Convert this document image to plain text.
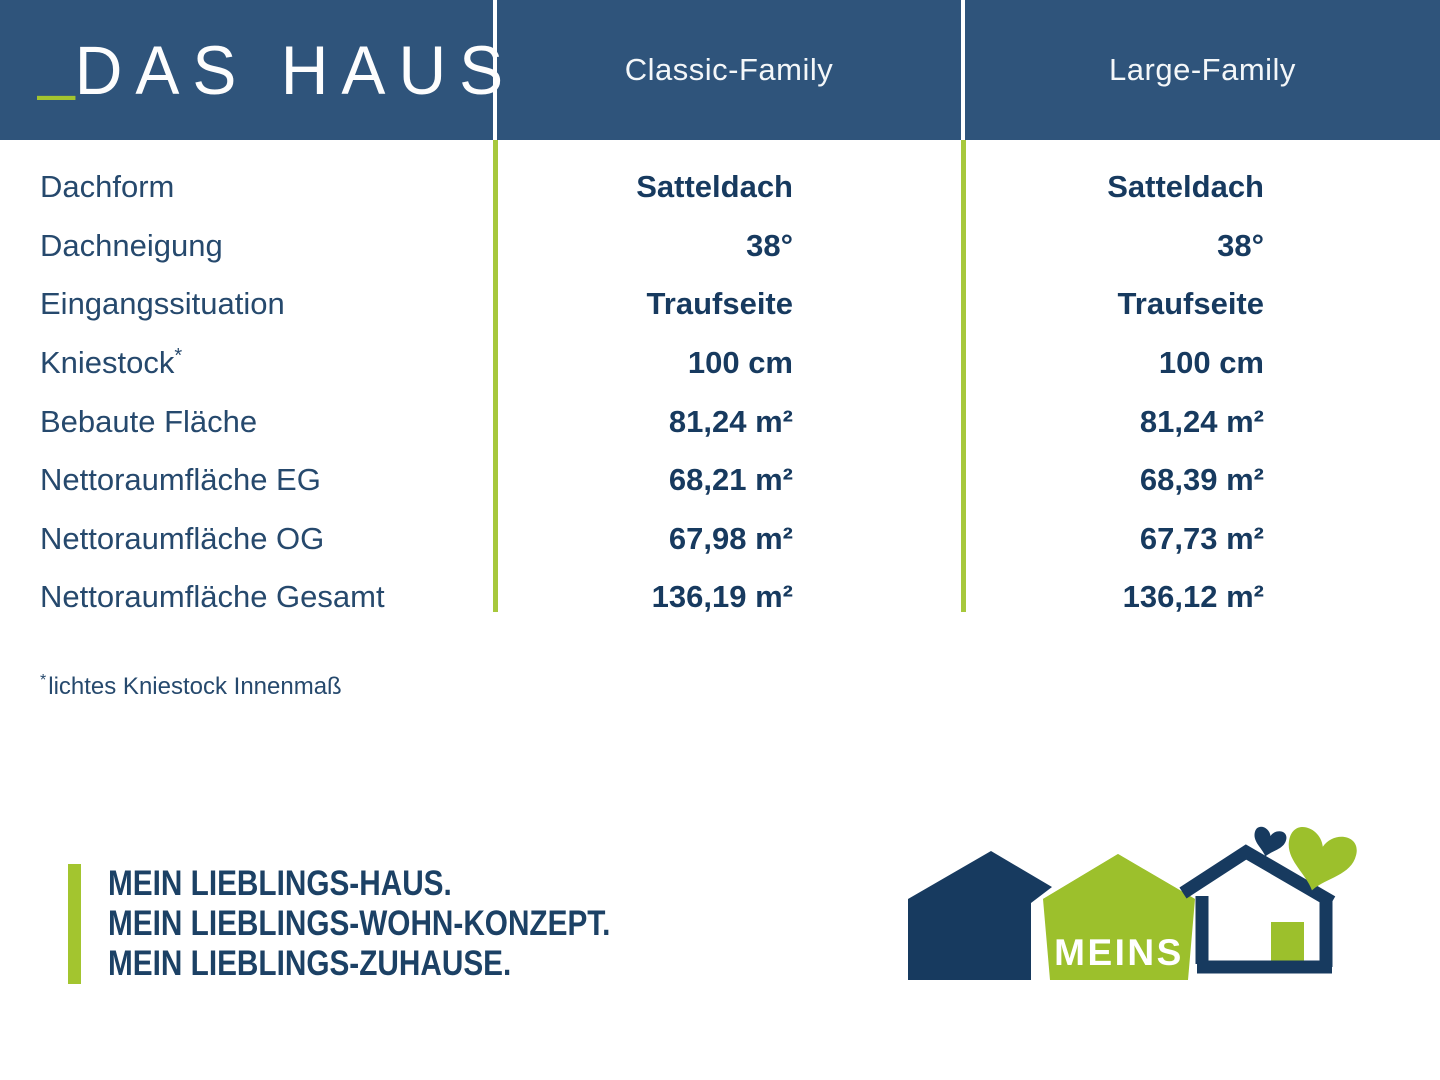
_ DAS HAUS	Classic-Family	Large-Family
Dachform	Satteldach	Satteldach
Dachneigung	38°	38°
Eingangssituation	Traufseite	Traufseite
Kniestock*	100 cm	100 cm
Bebaute Fläche	81,24 m²	81,24 m²
Nettoraumfläche EG	68,21 m²	68,39 m²
Nettoraumfläche OG	67,98 m²	67,73 m²
Nettoraumfläche Gesamt	136,19 m²	136,12 m²
*lichtes Kniestock Innenmaß
MEIN LIEBLINGS-HAUS.
MEIN LIEBLINGS-WOHN-KONZEPT.
MEIN LIEBLINGS-ZUHAUSE.	MEINS
